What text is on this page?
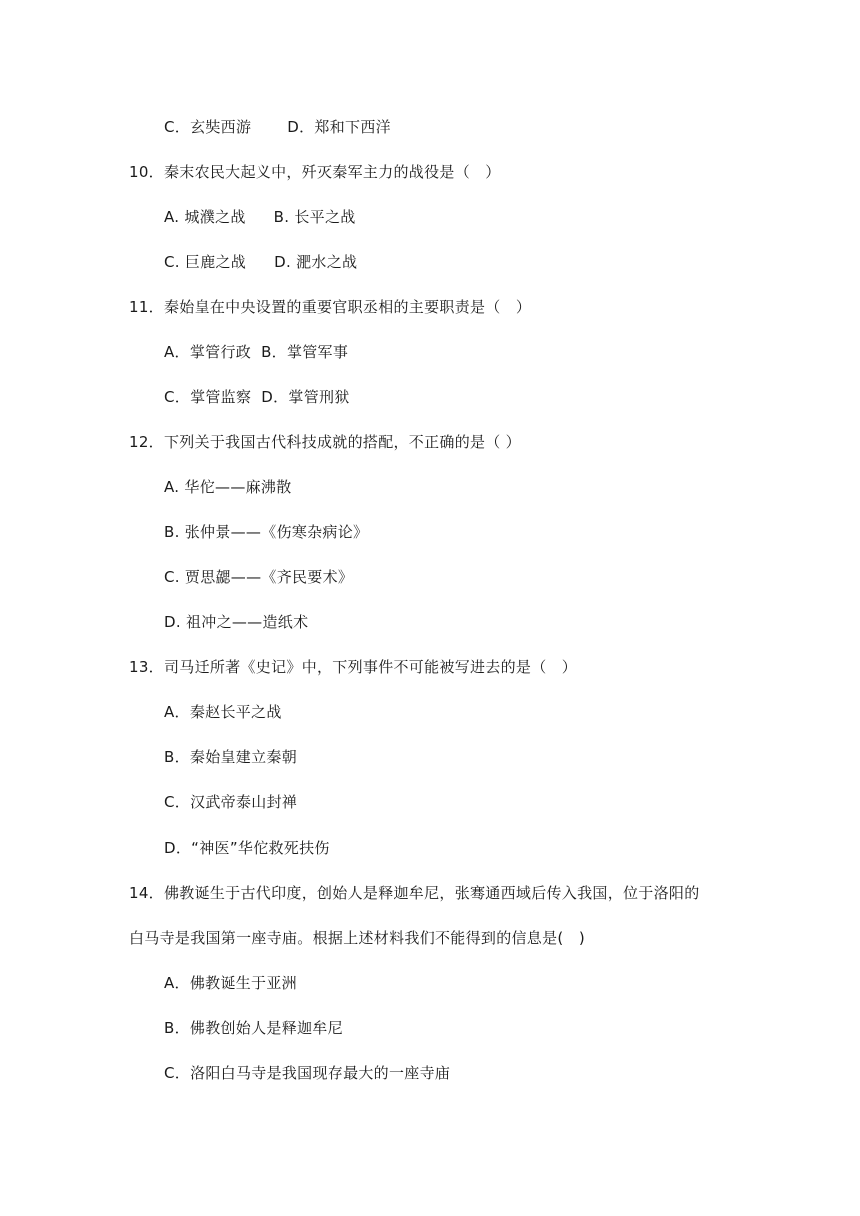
C．玄奘西游 D．郑和下西洋
10．秦末农民大起义中，歼灭秦军主力的战役是（　）
A. 城濮之战 B. 长平之战
C. 巨鹿之战 D. 淝水之战
11．秦始皇在中央设置的重要官职丞相的主要职责是（　）
A．掌管行政 B．掌管军事
C．掌管监察 D．掌管刑狱
12．下列关于我国古代科技成就的搭配，不正确的是（ ）
A. 华佗——麻沸散
B. 张仲景——《伤寒杂病论》
C. 贾思勰——《齐民要术》
D. 祖冲之——造纸术
13．司马迁所著《史记》中，下列事件不可能被写进去的是（　）
A．秦赵长平之战
B．秦始皇建立秦朝
C．汉武帝泰山封禅
D．“神医”华佗救死扶伤
14．佛教诞生于古代印度，创始人是释迦牟尼，张骞通西域后传入我国，位于洛阳的
白马寺是我国第一座寺庙。根据上述材料我们不能得到的信息是(　)
A．佛教诞生于亚洲
B．佛教创始人是释迦牟尼
C．洛阳白马寺是我国现存最大的一座寺庙
